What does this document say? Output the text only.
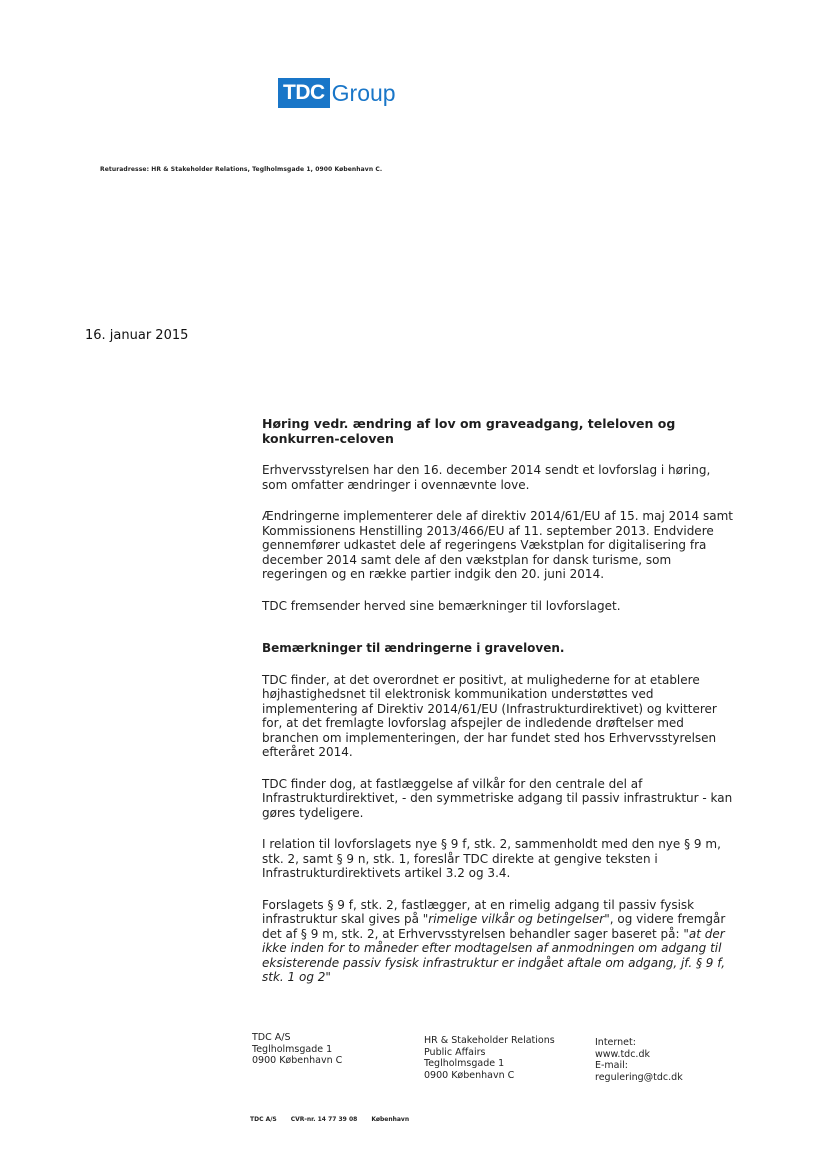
TDC Group
Returadresse: HR & Stakeholder Relations, Teglholmsgade 1, 0900 København C.
16. januar 2015
Høring vedr. ændring af lov om graveadgang, teleloven og konkurren-celoven

Erhvervsstyrelsen har den 16. december 2014 sendt et lovforslag i høring, som omfatter ændringer i ovennævnte love.

Ændringerne implementerer dele af direktiv 2014/61/EU af 15. maj 2014 samt Kommissionens Henstilling 2013/466/EU af 11. september 2013. Endvidere gennemfører udkastet dele af regeringens Vækstplan for digitalisering fra december 2014 samt dele af den vækstplan for dansk turisme, som regeringen og en række partier indgik den 20. juni 2014.

TDC fremsender herved sine bemærkninger til lovforslaget.

Bemærkninger til ændringerne i graveloven.

TDC finder, at det overordnet er positivt, at mulighederne for at etablere højhastighedsnet til elektronisk kommunikation understøttes ved implementering af Direktiv 2014/61/EU (Infrastrukturdirektivet) og kvitterer for, at det fremlagte lovforslag afspejler de indledende drøftelser med branchen om implementeringen, der har fundet sted hos Erhvervsstyrelsen efteråret 2014.

TDC finder dog, at fastlæggelse af vilkår for den centrale del af Infrastrukturdirektivet, - den symmetriske adgang til passiv infrastruktur - kan gøres tydeligere.

I relation til lovforslagets nye § 9 f, stk. 2, sammenholdt med den nye § 9 m, stk. 2, samt § 9 n, stk. 1, foreslår TDC direkte at gengive teksten i Infrastrukturdirektivets artikel 3.2 og 3.4.

Forslagets § 9 f, stk. 2, fastlægger, at en rimelig adgang til passiv fysisk infrastruktur skal gives på "rimelige vilkår og betingelser", og videre fremgår det af § 9 m, stk. 2, at Erhvervsstyrelsen behandler sager baseret på: "at der ikke inden for to måneder efter modtagelsen af anmodningen om adgang til eksisterende passiv fysisk infrastruktur er indgået aftale om adgang, jf. § 9 f, stk. 1 og 2"

TDC A/S
Teglholmsgade 1
0900 København C
HR & Stakeholder Relations
Public Affairs
Teglholmsgade 1
0900 København C
Internet:
www.tdc.dk
E-mail:
regulering@tdc.dk
TDC A/S CVR-nr. 14 77 39 08 København
